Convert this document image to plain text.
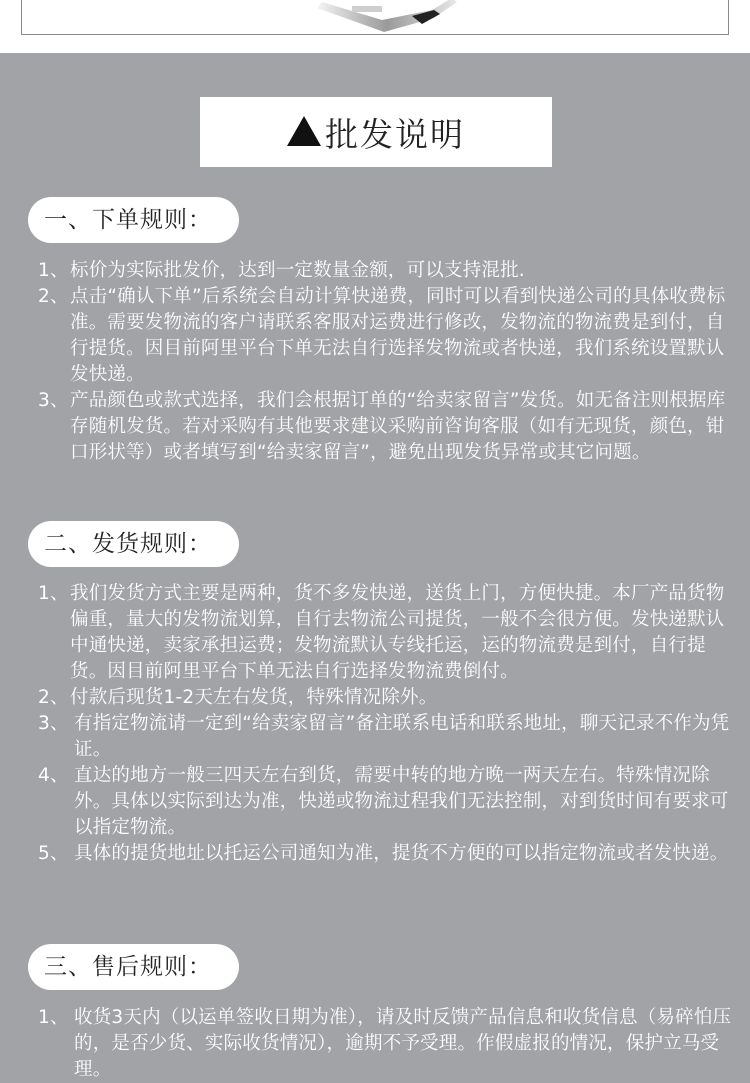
批发说明
一、下单规则：
1、 标价为实际批发价，达到一定数量金额，可以支持混批.
2、 点击“确认下单”后系统会自动计算快递费，同时可以看到快递公司的具体收费标准。需要发物流的客户请联系客服对运费进行修改，发物流的物流费是到付，自行提货。因目前阿里平台下单无法自行选择发物流或者快递，我们系统设置默认发快递。
3、 产品颜色或款式选择，我们会根据订单的“给卖家留言”发货。如无备注则根据库存随机发货。若对采购有其他要求建议采购前咨询客服（如有无现货，颜色，钳口形状等）或者填写到“给卖家留言”，避免出现发货异常或其它问题。
二、发货规则：
1、 我们发货方式主要是两种，货不多发快递，送货上门，方便快捷。本厂产品货物偏重，量大的发物流划算，自行去物流公司提货，一般不会很方便。发快递默认中通快递，卖家承担运费；发物流默认专线托运，运的物流费是到付，自行提货。因目前阿里平台下单无法自行选择发物流费倒付。
2、 付款后现货1-2天左右发货，特殊情况除外。
3、 有指定物流请一定到“给卖家留言”备注联系电话和联系地址，聊天记录不作为凭证。
4、 直达的地方一般三四天左右到货，需要中转的地方晚一两天左右。特殊情况除外。具体以实际到达为准，快递或物流过程我们无法控制，对到货时间有要求可以指定物流。
5、 具体的提货地址以托运公司通知为准，提货不方便的可以指定物流或者发快递。
三、售后规则：
1、 收货3天内（以运单签收日期为准），请及时反馈产品信息和收货信息（易碎怕压的，是否少货、实际收货情况），逾期不予受理。作假虚报的情况，保护立马受理。
